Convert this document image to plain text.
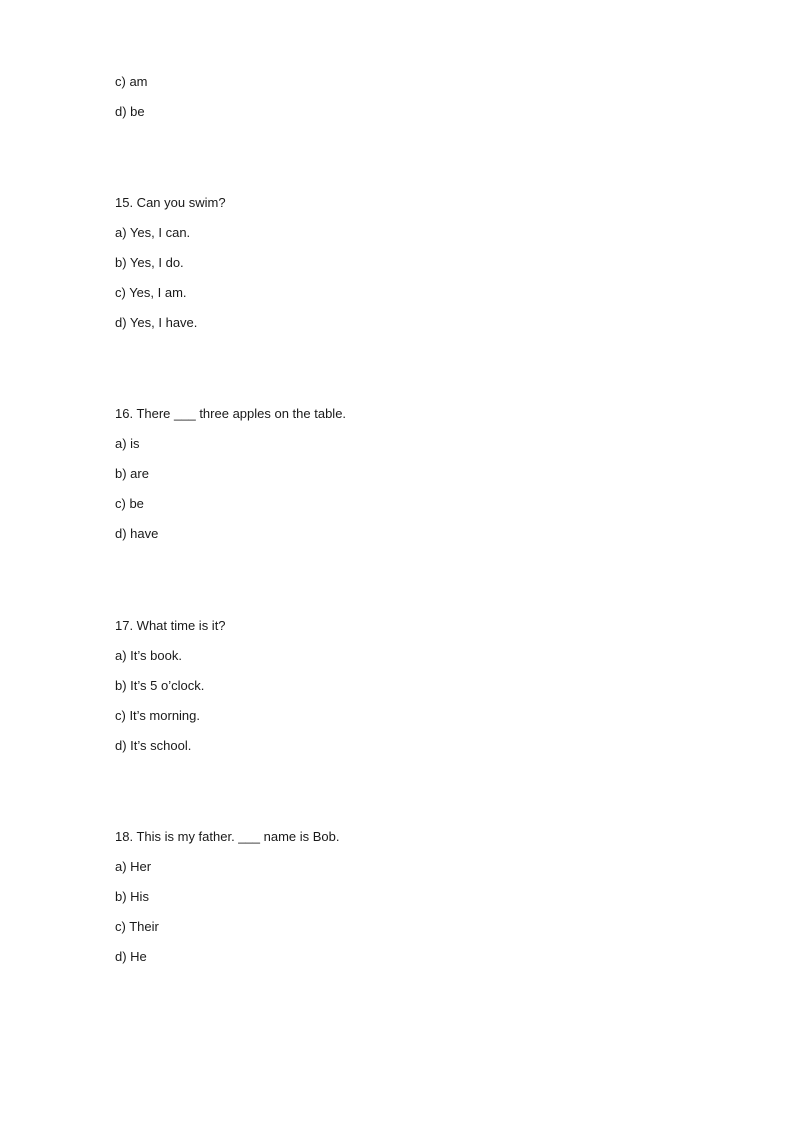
c) am
d) be
15. Can you swim?
a) Yes, I can.
b) Yes, I do.
c) Yes, I am.
d) Yes, I have.
16. There ___ three apples on the table.
a) is
b) are
c) be
d) have
17. What time is it?
a) It’s book.
b) It’s 5 o’clock.
c) It’s morning.
d) It’s school.
18. This is my father. ___ name is Bob.
a) Her
b) His
c) Their
d) He
